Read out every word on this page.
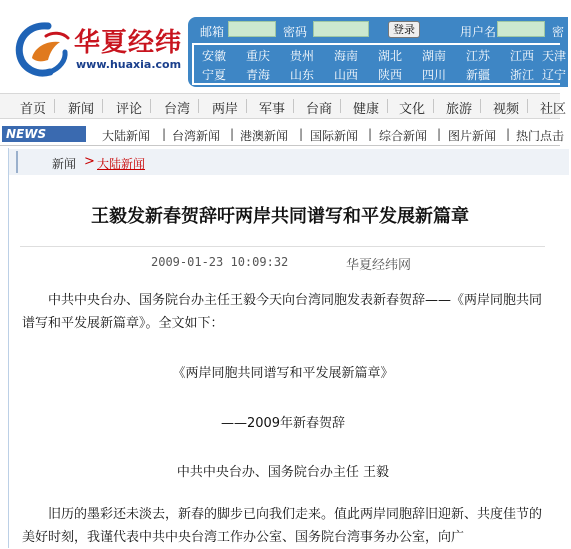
华夏经纬
www.huaxia.com
邮箱	密码	登录	用户名	密
安徽	重庆	贵州	海南	湖北	湖南	江苏	江西 天津
宁夏	青海	山东	山西	陕西	四川	新疆	浙江 辽宁
首页 新闻 评论 台湾 两岸 军事 台商 健康 文化 旅游 视频 社区
NEWS	大陆新闻 | 台湾新闻 | 港澳新闻 | 国际新闻 | 综合新闻 | 图片新闻 | 热门点击
新闻 > 大陆新闻
王毅发新春贺辞吁两岸共同谱写和平发展新篇章
2009-01-23 10:09:32	华夏经纬网
中共中央台办、国务院台办主任王毅今天向台湾同胞发表新春贺辞——《两岸同胞共同谱写和平发展新篇章》。全文如下：
《两岸同胞共同谱写和平发展新篇章》
——2009年新春贺辞
中共中央台办、国务院台办主任 王毅
旧历的墨彩还未淡去，新春的脚步已向我们走来。值此两岸同胞辞旧迎新、共度佳节的美好时刻，我谨代表中共中央台湾工作办公室、国务院台湾事务办公室，向广
